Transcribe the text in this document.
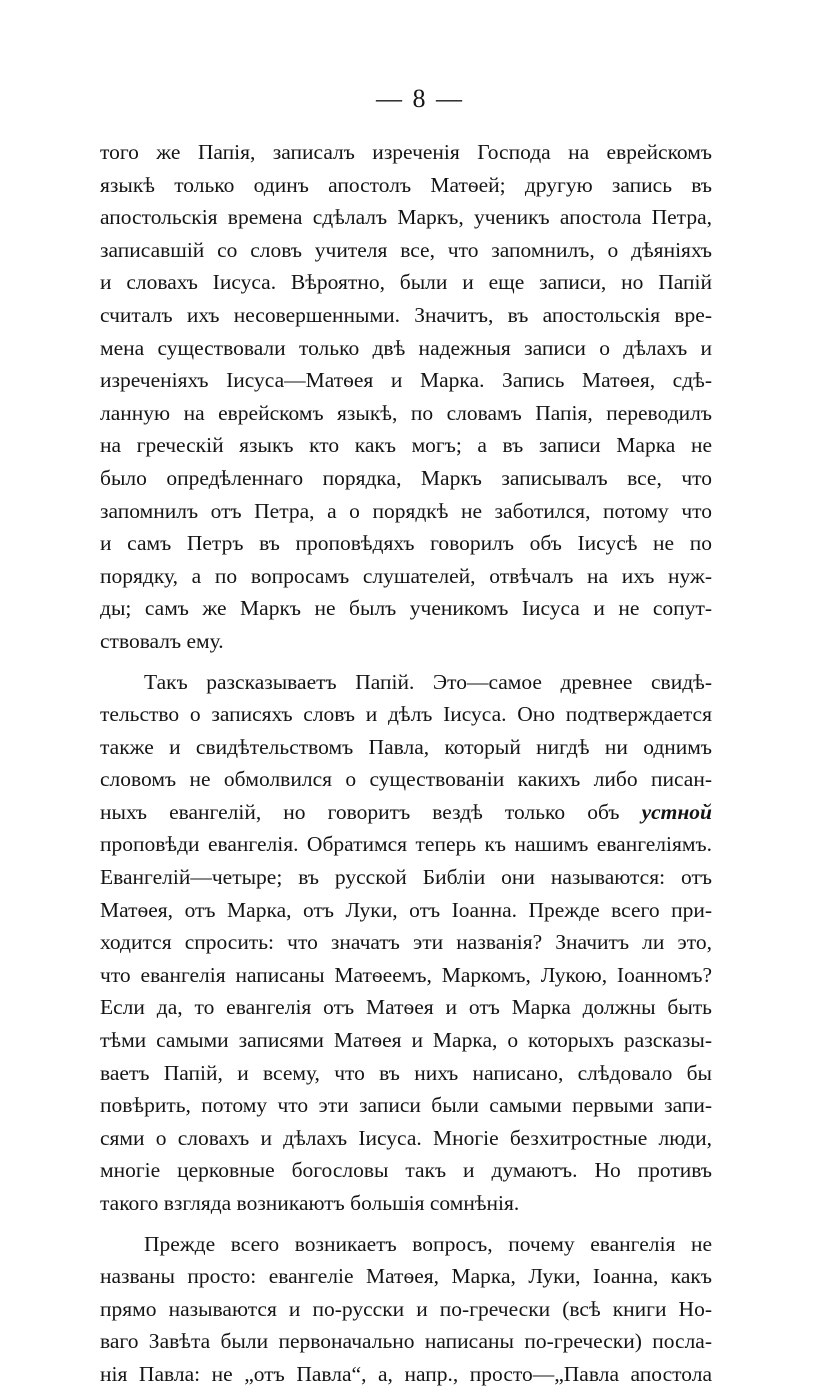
— 8 —
того же Папія, записалъ изреченія Господа на еврейскомъ
языкѣ только одинъ апостолъ Матѳей; другую запись въ
апостольскія времена сдѣлалъ Маркъ, ученикъ апостола Петра,
записавшій со словъ учителя все, что запомнилъ, о дѣяніяхъ
и словахъ Іисуса. Вѣроятно, были и еще записи, но Папій
считалъ ихъ несовершенными. Значитъ, въ апостольскія вре-
мена существовали только двѣ надежныя записи о дѣлахъ и
изреченіяхъ Іисуса—Матѳея и Марка. Запись Матѳея, сдѣ-
ланную на еврейскомъ языкѣ, по словамъ Папія, переводилъ
на греческій языкъ кто какъ могъ; а въ записи Марка не
было опредѣленнаго порядка, Маркъ записывалъ все, что
запомнилъ отъ Петра, а о порядкѣ не заботился, потому что
и самъ Петръ въ проповѣдяхъ говорилъ объ Іисусѣ не по
порядку, а по вопросамъ слушателей, отвѣчалъ на ихъ нуж-
ды; самъ же Маркъ не былъ ученикомъ Іисуса и не сопут-
ствовалъ ему.
Такъ разсказываетъ Папій. Это—самое древнее свидѣ-
тельство о записяхъ словъ и дѣлъ Іисуса. Оно подтверждается
также и свидѣтельствомъ Павла, который нигдѣ ни однимъ
словомъ не обмолвился о существованіи какихъ либо писан-
ныхъ евангелій, но говоритъ вездѣ только объ устной
проповѣди евангелія. Обратимся теперь къ нашимъ евангеліямъ.
Евангелій—четыре; въ русской Библіи они называются: отъ
Матѳея, отъ Марка, отъ Луки, отъ Іоанна. Прежде всего при-
ходится спросить: что значатъ эти названія? Значитъ ли это,
что евангелія написаны Матѳеемъ, Маркомъ, Лукою, Іоанномъ?
Если да, то евангелія отъ Матѳея и отъ Марка должны быть
тѣми самыми записями Матѳея и Марка, о которыхъ разсказы-
ваетъ Папій, и всему, что въ нихъ написано, слѣдовало бы
повѣрить, потому что эти записи были самыми первыми запи-
сями о словахъ и дѣлахъ Іисуса. Многіе безхитростные люди,
многіе церковные богословы такъ и думаютъ. Но противъ
такого взгляда возникаютъ большія сомнѣнія.
Прежде всего возникаетъ вопросъ, почему евангелія не
названы просто: евангеліе Матѳея, Марка, Луки, Іоанна, какъ
прямо называются и по-русски и по-гречески (всѣ книги Но-
ваго Завѣта были первоначально написаны по-гречески) посла-
нія Павла: не „отъ Павла“, а, напр., просто—„Павла апостола
